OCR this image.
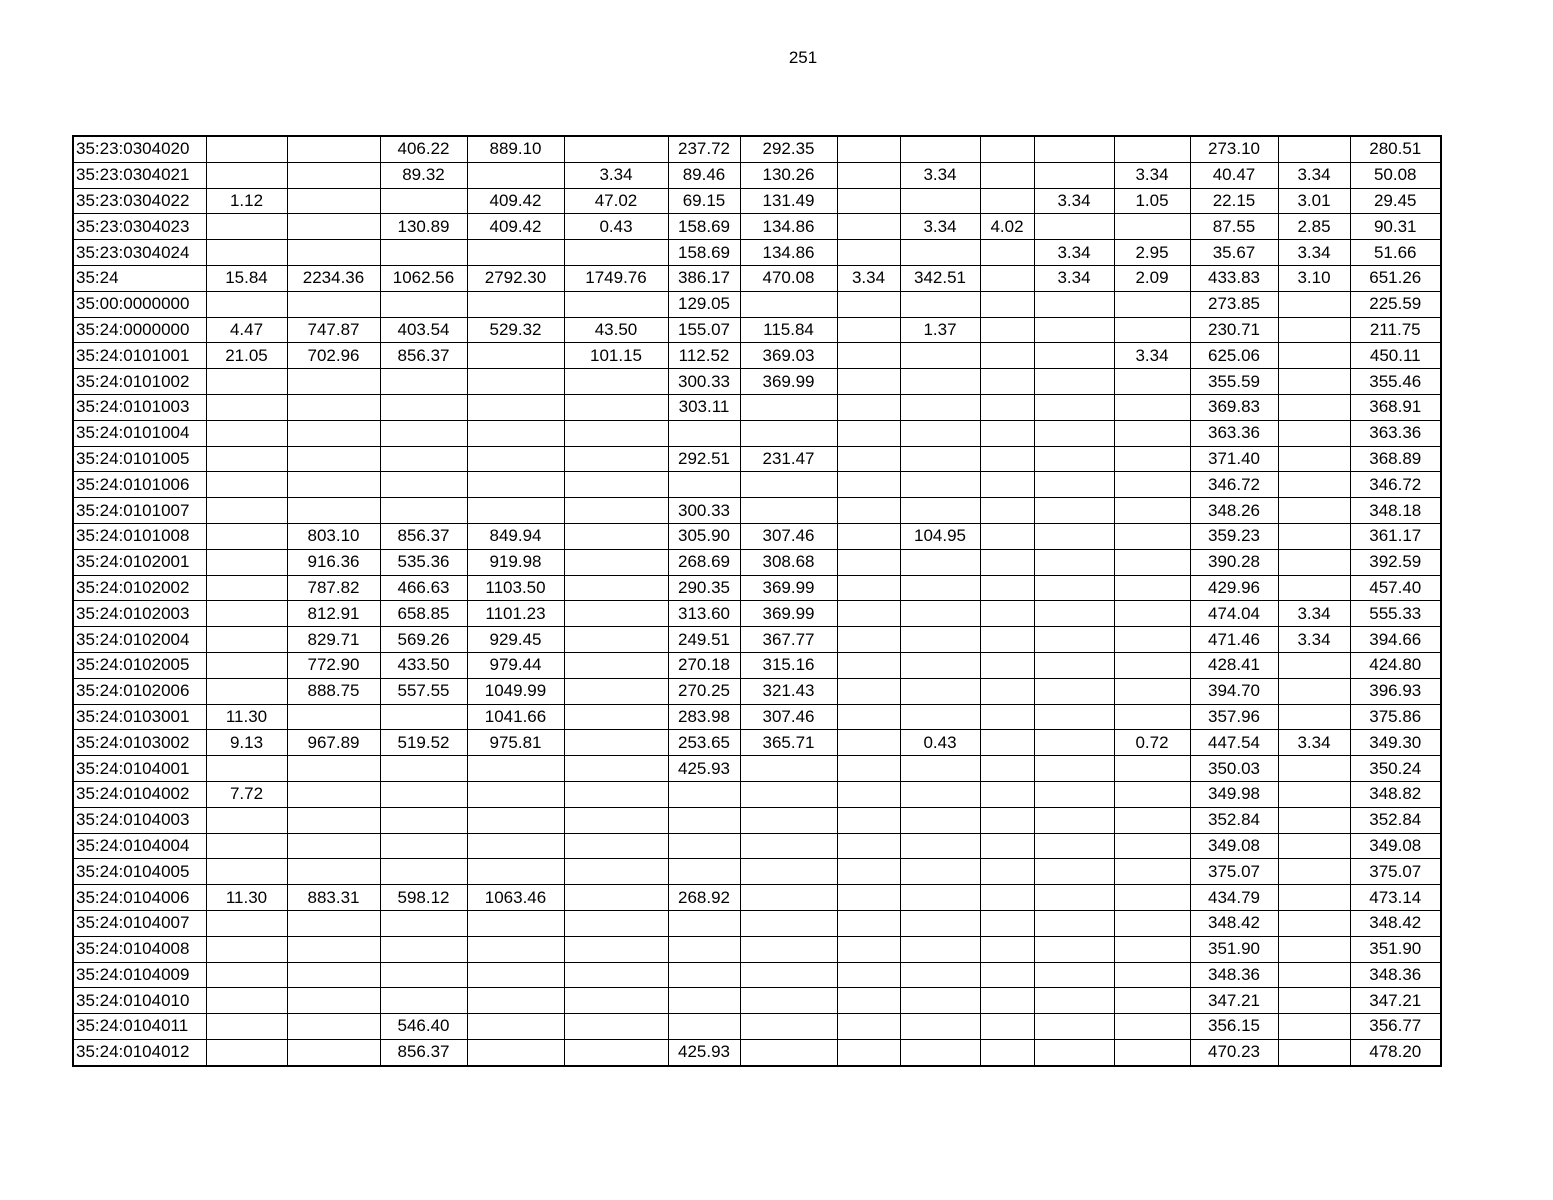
251
35:23:0304020			406.22	889.10		237.72	292.35						273.10		280.51
35:23:0304021			89.32		3.34	89.46	130.26		3.34			3.34	40.47	3.34	50.08
35:23:0304022	1.12			409.42	47.02	69.15	131.49				3.34	1.05	22.15	3.01	29.45
35:23:0304023			130.89	409.42	0.43	158.69	134.86		3.34	4.02			87.55	2.85	90.31
35:23:0304024						158.69	134.86				3.34	2.95	35.67	3.34	51.66
35:24	15.84	2234.36	1062.56	2792.30	1749.76	386.17	470.08	3.34	342.51		3.34	2.09	433.83	3.10	651.26
35:00:0000000						129.05							273.85		225.59
35:24:0000000	4.47	747.87	403.54	529.32	43.50	155.07	115.84		1.37				230.71		211.75
35:24:0101001	21.05	702.96	856.37		101.15	112.52	369.03					3.34	625.06		450.11
35:24:0101002						300.33	369.99						355.59		355.46
35:24:0101003						303.11							369.83		368.91
35:24:0101004													363.36		363.36
35:24:0101005						292.51	231.47						371.40		368.89
35:24:0101006													346.72		346.72
35:24:0101007						300.33							348.26		348.18
35:24:0101008		803.10	856.37	849.94		305.90	307.46		104.95				359.23		361.17
35:24:0102001		916.36	535.36	919.98		268.69	308.68						390.28		392.59
35:24:0102002		787.82	466.63	1103.50		290.35	369.99						429.96		457.40
35:24:0102003		812.91	658.85	1101.23		313.60	369.99						474.04	3.34	555.33
35:24:0102004		829.71	569.26	929.45		249.51	367.77						471.46	3.34	394.66
35:24:0102005		772.90	433.50	979.44		270.18	315.16						428.41		424.80
35:24:0102006		888.75	557.55	1049.99		270.25	321.43						394.70		396.93
35:24:0103001	11.30			1041.66		283.98	307.46						357.96		375.86
35:24:0103002	9.13	967.89	519.52	975.81		253.65	365.71		0.43			0.72	447.54	3.34	349.30
35:24:0104001						425.93							350.03		350.24
35:24:0104002	7.72												349.98		348.82
35:24:0104003													352.84		352.84
35:24:0104004													349.08		349.08
35:24:0104005													375.07		375.07
35:24:0104006	11.30	883.31	598.12	1063.46		268.92							434.79		473.14
35:24:0104007													348.42		348.42
35:24:0104008													351.90		351.90
35:24:0104009													348.36		348.36
35:24:0104010													347.21		347.21
35:24:0104011			546.40										356.15		356.77
35:24:0104012			856.37			425.93							470.23		478.20
